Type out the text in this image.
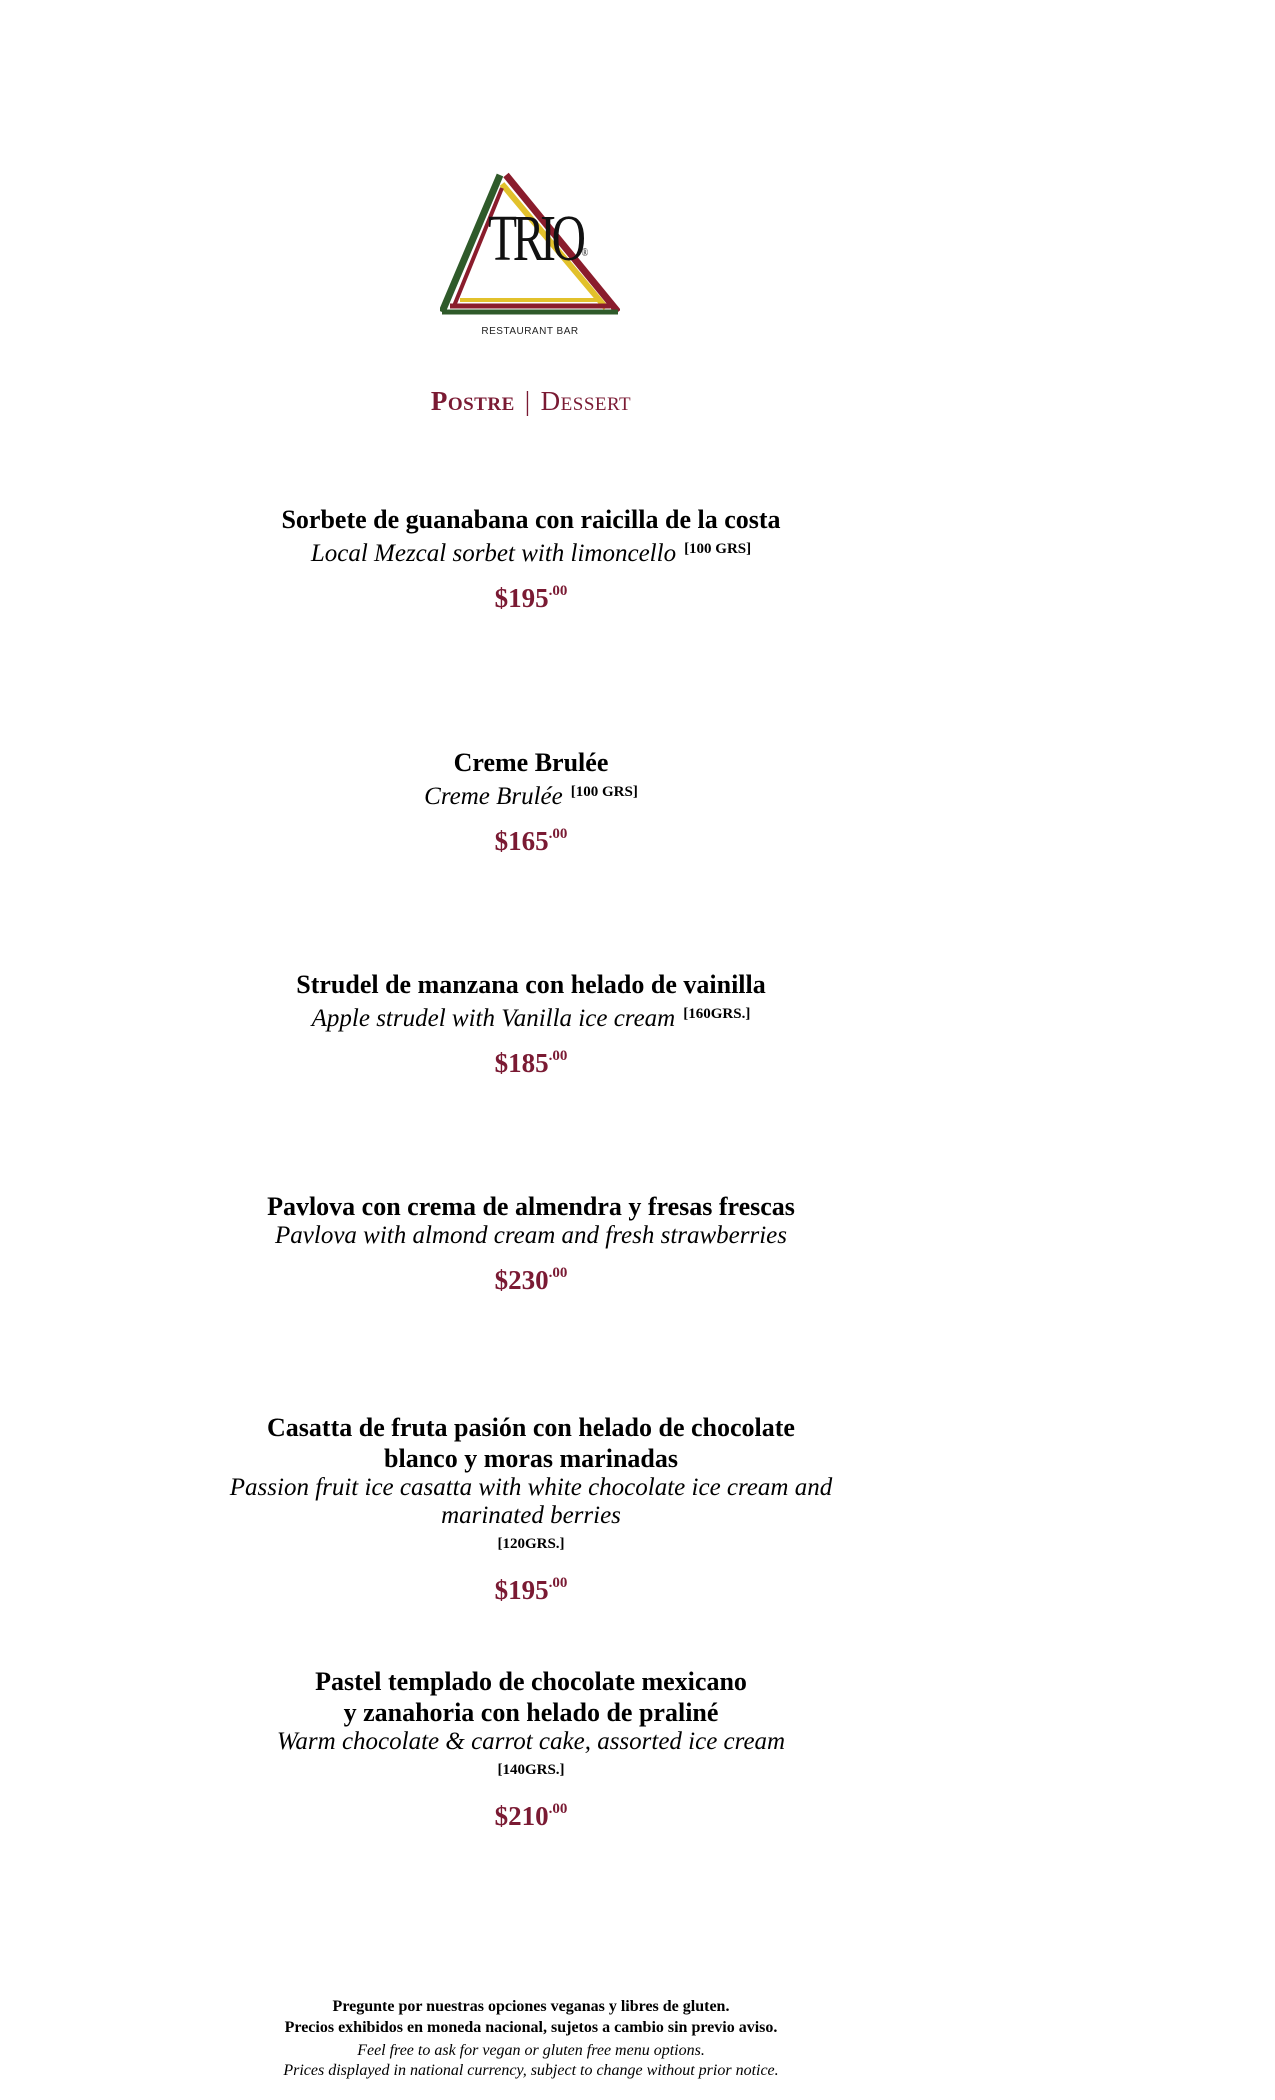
TRIO®
RESTAURANT BAR
Postre | Dessert
Sorbete de guanabana con raicilla de la costa
Local Mezcal sorbet with limoncello [100 GRS]
$\$195^{.00}$
Creme Brulée
Creme Brulée [100 GRS]
$\$165^{.00}$
Strudel de manzana con helado de vainilla
Apple strudel with Vanilla ice cream [160GRS.]
$\$185^{.00}$
Pavlova con crema de almendra y fresas frescas
Pavlova with almond cream and fresh strawberries
$\$230^{.00}$
Casatta de fruta pasión con helado de chocolate
blanco y moras marinadas
Passion fruit ice casatta with white chocolate ice cream and
marinated berries
[120GRS.]
$\$195^{.00}$
Pastel templado de chocolate mexicano
y zanahoria con helado de praliné
Warm chocolate & carrot cake, assorted ice cream
[140GRS.]
$\$210^{.00}$
Pregunte por nuestras opciones veganas y libres de gluten.
Precios exhibidos en moneda nacional, sujetos a cambio sin previo aviso.
Feel free to ask for vegan or gluten free menu options.
Prices displayed in national currency, subject to change without prior notice.
